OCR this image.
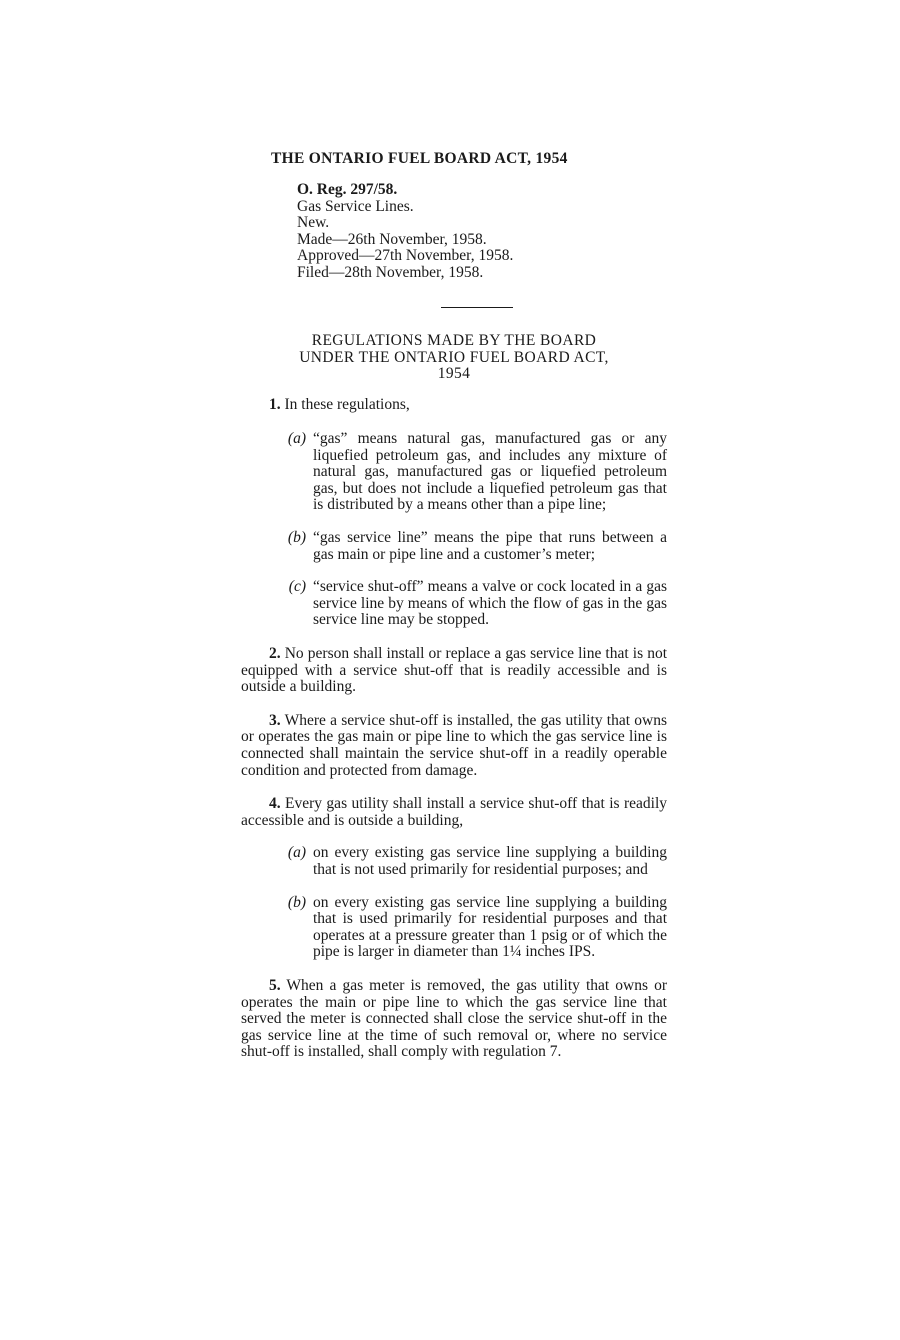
THE ONTARIO FUEL BOARD ACT, 1954
O. Reg. 297/58.
Gas Service Lines.
New.
Made—26th November, 1958.
Approved—27th November, 1958.
Filed—28th November, 1958.
REGULATIONS MADE BY THE BOARD
UNDER THE ONTARIO FUEL BOARD ACT,
1954

1. In these regulations,

(a) “gas” means natural gas, manufactured gas or any liquefied petroleum gas, and includes any mixture of natural gas, manufactured gas or liquefied petroleum gas, but does not include a liquefied petroleum gas that is distributed by a means other than a pipe line;

(b) “gas service line” means the pipe that runs between a gas main or pipe line and a customer’s meter;

(c) “service shut-off” means a valve or cock located in a gas service line by means of which the flow of gas in the gas service line may be stopped.

2. No person shall install or replace a gas service line that is not equipped with a service shut-off that is readily accessible and is outside a building.

3. Where a service shut-off is installed, the gas utility that owns or operates the gas main or pipe line to which the gas service line is connected shall maintain the service shut-off in a readily operable condition and protected from damage.

4. Every gas utility shall install a service shut-off that is readily accessible and is outside a building,

(a) on every existing gas service line supplying a building that is not used primarily for residential purposes; and

(b) on every existing gas service line supplying a building that is used primarily for residential purposes and that operates at a pressure greater than 1 psig or of which the pipe is larger in diameter than 1¼ inches IPS.

5. When a gas meter is removed, the gas utility that owns or operates the main or pipe line to which the gas service line that served the meter is connected shall close the service shut-off in the gas service line at the time of such removal or, where no service shut-off is installed, shall comply with regulation 7.
